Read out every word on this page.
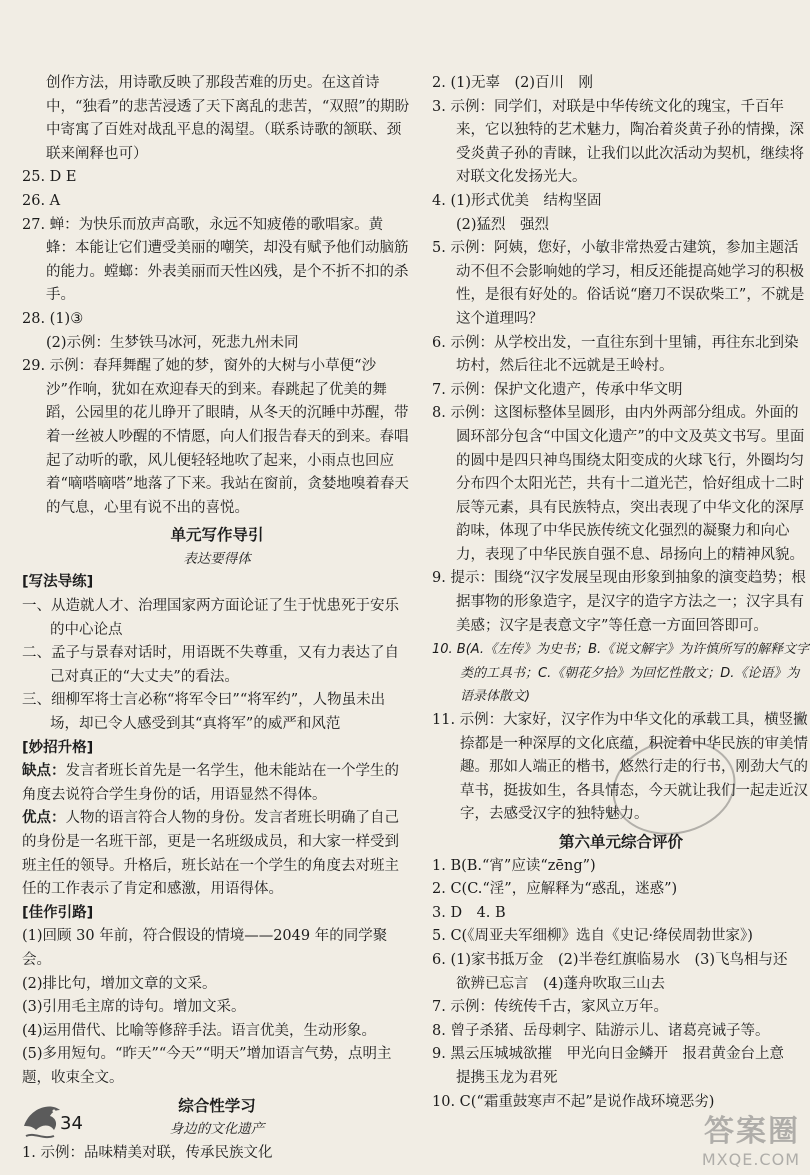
创作方法，用诗歌反映了那段苦难的历史。在这首诗中，“独看”的悲苦浸透了天下离乱的悲苦，“双照”的期盼中寄寓了百姓对战乱平息的渴望。（联系诗歌的颔联、颈联来阐释也可）

25. D E

26. A

27. 蝉：为快乐而放声高歌，永远不知疲倦的歌唱家。黄蜂：本能让它们遭受美丽的嘲笑，却没有赋予他们动脑筋的能力。螳螂：外表美丽而天性凶残，是个不折不扣的杀手。

28. (1)③

(2)示例：生梦铁马冰河，死悲九州未同

29. 示例：春拜舞醒了她的梦，窗外的大树与小草便“沙沙”作响，犹如在欢迎春天的到来。春跳起了优美的舞蹈，公园里的花儿睁开了眼睛，从冬天的沉睡中苏醒，带着一丝被人吵醒的不情愿，向人们报告春天的到来。春唱起了动听的歌，风儿便轻轻地吹了起来，小雨点也回应着“嘀嗒嘀嗒”地落了下来。我站在窗前，贪婪地嗅着春天的气息，心里有说不出的喜悦。

单元写作导引
表达要得体

[写法导练]

一、从造就人才、治理国家两方面论证了生于忧患死于安乐的中心论点

二、孟子与景春对话时，用语既不失尊重，又有力表达了自己对真正的“大丈夫”的看法。

三、细柳军将士言必称“将军令曰”“将军约”，人物虽未出场，却已令人感受到其“真将军”的威严和风范

[妙招升格]

缺点：发言者班长首先是一名学生，他未能站在一个学生的角度去说符合学生身份的话，用语显然不得体。

优点：人物的语言符合人物的身份。发言者班长明确了自己的身份是一名班干部，更是一名班级成员，和大家一样受到班主任的领导。升格后，班长站在一个学生的角度去对班主任的工作表示了肯定和感激，用语得体。

[佳作引路]

(1)回顾 30 年前，符合假设的情境——2049 年的同学聚会。

(2)排比句，增加文章的文采。

(3)引用毛主席的诗句。增加文采。

(4)运用借代、比喻等修辞手法。语言优美，生动形象。

(5)多用短句。“昨天”“今天”“明天”增加语言气势，点明主题，收束全文。

综合性学习
身边的文化遗产

1. 示例：品味精美对联，传承民族文化

2. (1)无辜　(2)百川　刚

3. 示例：同学们，对联是中华传统文化的瑰宝，千百年来，它以独特的艺术魅力，陶冶着炎黄子孙的情操，深受炎黄子孙的青睐，让我们以此次活动为契机，继续将对联文化发扬光大。

4. (1)形式优美　结构坚固

(2)猛烈　强烈

5. 示例：阿姨，您好，小敏非常热爱古建筑，参加主题活动不但不会影响她的学习，相反还能提高她学习的积极性，是很有好处的。俗话说“磨刀不误砍柴工”，不就是这个道理吗？

6. 示例：从学校出发，一直往东到十里铺，再往东北到染坊村，然后往北不远就是王岭村。

7. 示例：保护文化遗产，传承中华文明

8. 示例：这图标整体呈圆形，由内外两部分组成。外面的圆环部分包含“中国文化遗产”的中文及英文书写。里面的圆中是四只神鸟围绕太阳变成的火球飞行，外圈均匀分布四个太阳光芒，共有十二道光芒，恰好组成十二时辰等元素，具有民族特点，突出表现了中华文化的深厚韵味，体现了中华民族传统文化强烈的凝聚力和向心力，表现了中华民族自强不息、昂扬向上的精神风貌。

9. 提示：围绕“汉字发展呈现由形象到抽象的演变趋势；根据事物的形象造字，是汉字的造字方法之一；汉字具有美感；汉字是表意文字”等任意一方面回答即可。

10. B(A.《左传》为史书；B.《说文解字》为许慎所写的解释文字类的工具书；C.《朝花夕拾》为回忆性散文；D.《论语》为语录体散文)

11. 示例：大家好，汉字作为中华文化的承载工具，横竖撇捺都是一种深厚的文化底蕴，积淀着中华民族的审美情趣。那如人端正的楷书，悠然行走的行书，刚劲大气的草书，挺拔如生，各具情态，今天就让我们一起走近汉字，去感受汉字的独特魅力。

第六单元综合评价

1. B(B.“宵”应读“zēng”)

2. C(C.“淫”，应解释为“惑乱，迷惑”)

3. D　4. B

5. C(《周亚夫军细柳》选自《史记·绛侯周勃世家》)

6. (1)家书抵万金　(2)半卷红旗临易水　(3)飞鸟相与还　欲辨已忘言　(4)蓬舟吹取三山去

7. 示例：传统传千古，家风立万年。

8. 曾子杀猪、岳母刺字、陆游示儿、诸葛亮诫子等。

9. 黑云压城城欲摧　甲光向日金鳞开　报君黄金台上意　提携玉龙为君死

10. C(“霜重鼓寒声不起”是说作战环境恶劣)

34	答案圈
MXQE.COM
